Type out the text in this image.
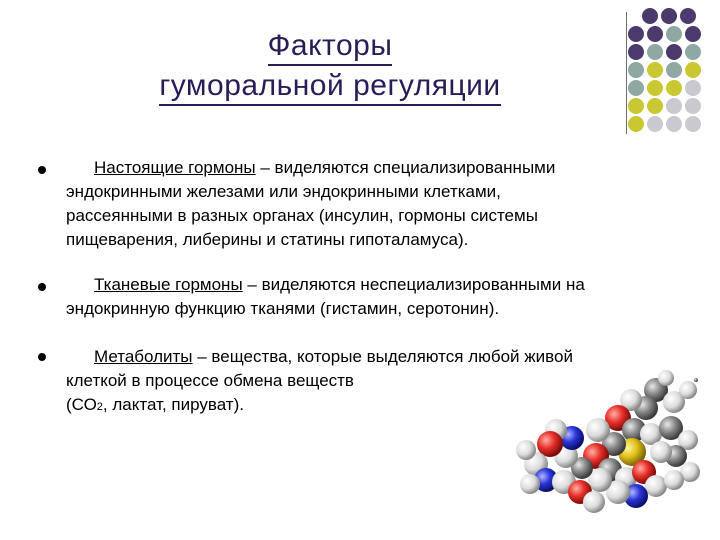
Факторы
гуморальной регуляции
Настоящие гормоны – виделяются специализированными
эндокринными железами или эндокринными клетками,
рассеянными в разных органах (инсулин, гормоны системы
пищеварения, либерины и статины гипоталамуса).
Тканевые гормоны – виделяются неспециализированными на
эндокринную функцию тканями (гистамин, серотонин).
Метаболиты – вещества, которые выделяются любой живой
клеткой в процессе обмена веществ
(СО2, лактат, пируват).
